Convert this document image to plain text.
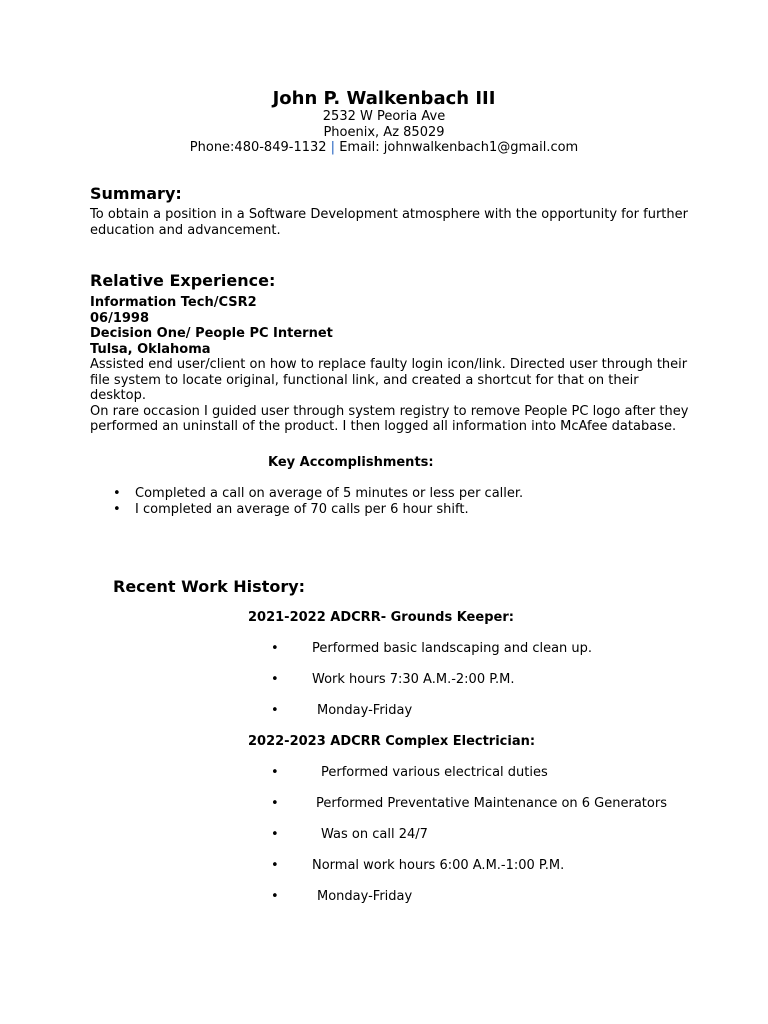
John P. Walkenbach III
2532 W Peoria Ave
Phoenix, Az 85029
Phone:480-849-1132 | Email: johnwalkenbach1@gmail.com
Summary:
To obtain a position in a Software Development atmosphere with the opportunity for further
education and advancement.
Relative Experience:
Information Tech/CSR2
06/1998
Decision One/ People PC Internet
Tulsa, Oklahoma
Assisted end user/client on how to replace faulty login icon/link. Directed user through their
file system to locate original, functional link, and created a shortcut for that on their
desktop.
On rare occasion I guided user through system registry to remove People PC logo after they
performed an uninstall of the product. I then logged all information into McAfee database.
Key Accomplishments:
• Completed a call on average of 5 minutes or less per caller.
• I completed an average of 70 calls per 6 hour shift.
Recent Work History:
2021-2022 ADCRR- Grounds Keeper:
•	Performed basic landscaping and clean up.
•	Work hours 7:30 A.M.-2:00 P.M.
•	Monday-Friday
2022-2023 ADCRR Complex Electrician:
•	Performed various electrical duties
•	Performed Preventative Maintenance on 6 Generators
•	Was on call 24/7
•	Normal work hours 6:00 A.M.-1:00 P.M.
•	Monday-Friday
